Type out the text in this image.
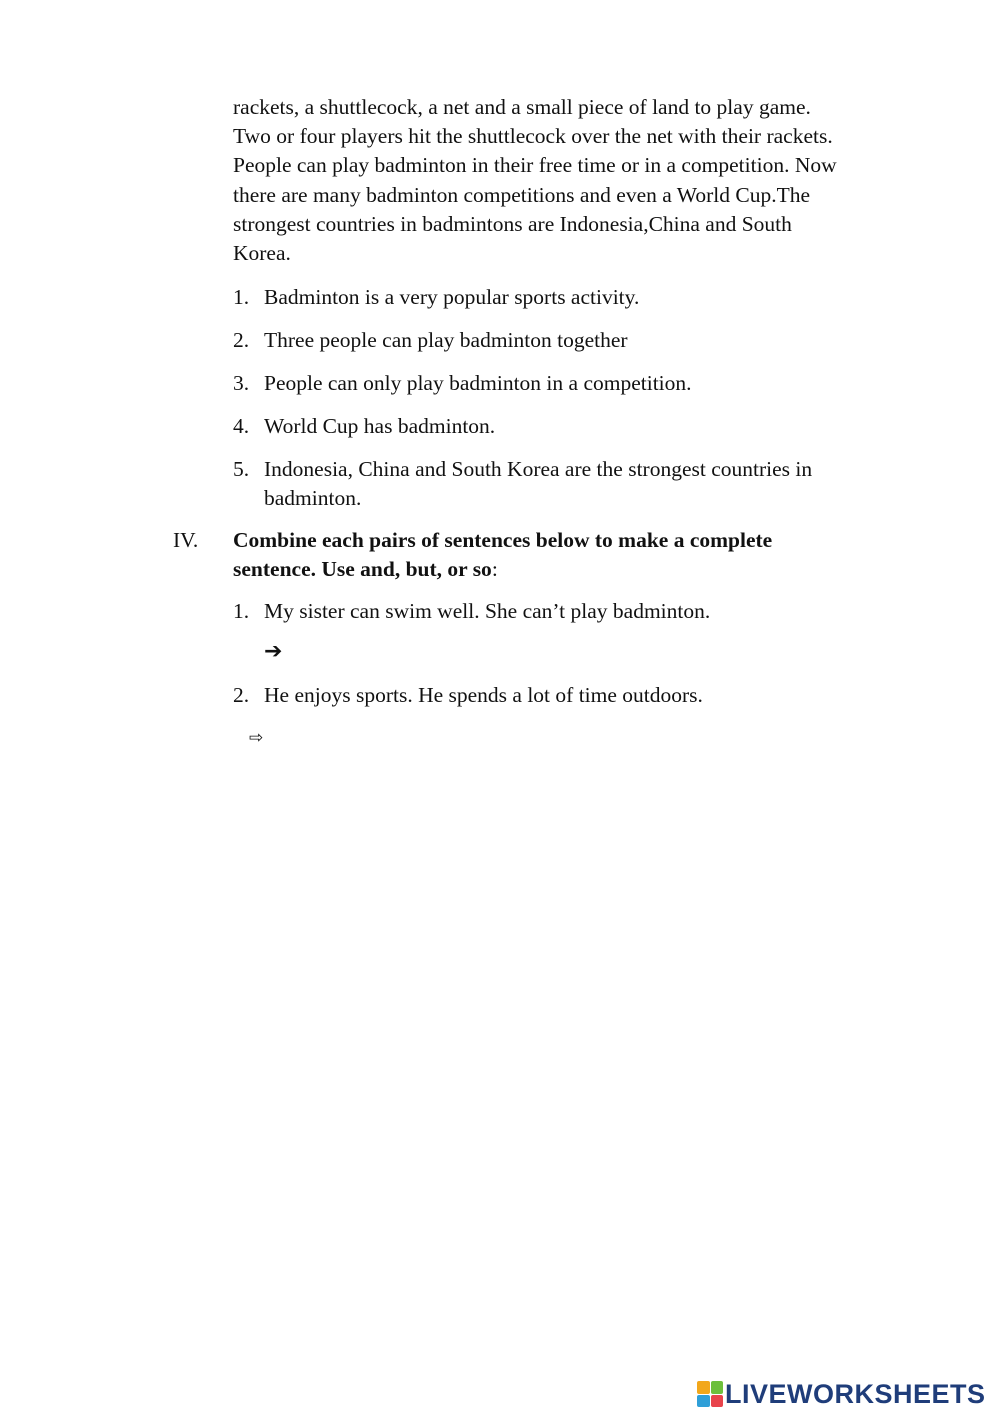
rackets, a shuttlecock, a net and a small piece of land to play game.
Two or four players hit the shuttlecock over the net with their rackets.
People can play badminton in their free time or in a competition. Now
there are many badminton competitions and even a World Cup.The
strongest countries in badmintons are Indonesia,China and South
Korea.
1. Badminton is a very popular sports activity.
2. Three people can play badminton together
3. People can only play badminton in a competition.
4. World Cup has badminton.
5. Indonesia, China and South Korea are the strongest countries in
badminton.
IV. Combine each pairs of sentences below to make a complete
sentence. Use and, but, or so:
1. My sister can swim well. She can’t play badminton.
➔
2. He enjoys sports. He spends a lot of time outdoors.
⇨
LIVEWORKSHEETS
